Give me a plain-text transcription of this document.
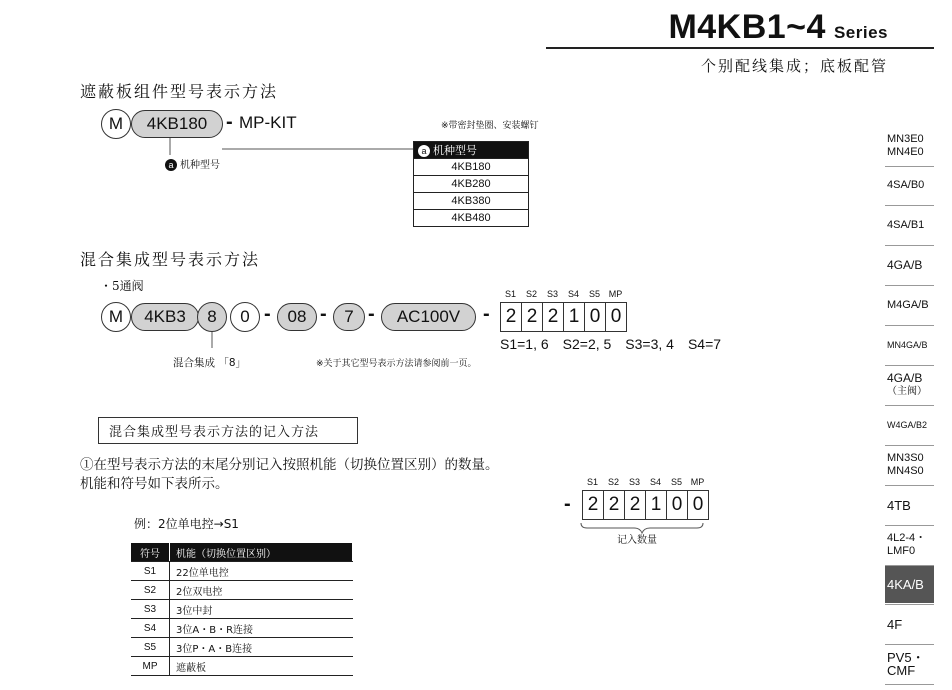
M4KB1~4 Series
个别配线集成；底板配管
遮蔽板组件型号表示方法
M	4KB180 - MP-KIT
a 机种型号
※带密封垫圈、安装螺钉
a 机种型号
4KB180
4KB280
4KB380
4KB480
混合集成型号表示方法
・5通阀
M	4KB3	8	0 - 08 -	7 -	AC100V	-
S1	S2	S3	S4	S5 MP
2 2 2 1 0 0
S1=1, 6　S2=2, 5　S3=3, 4　S4=7
混合集成 「8」	※关于其它型号表示方法请参阅前一页。
混合集成型号表示方法的记入方法
①在型号表示方法的末尾分别记入按照机能（切换位置区别）的数量。
机能和符号如下表所示。
-
S1	S2	S3	S4	S5 MP
2 2 2 1 0 0
记入数量
例：2位单电控→S1
符号	机能（切换位置区别）
S1	22位单电控
S2	2位双电控
S3	3位中封
S4	3位A・B・R连接
S5	3位P・A・B连接
MP	遮蔽板
MN3E0
MN4E0
4SA/B0
4SA/B1
4GA/B
M4GA/B
MN4GA/B
4GA/B
（主阀）
W4GA/B2
MN3S0
MN4S0
4TB
4L2-4・
LMF0
4KA/B
4F
PV5・
CMF
